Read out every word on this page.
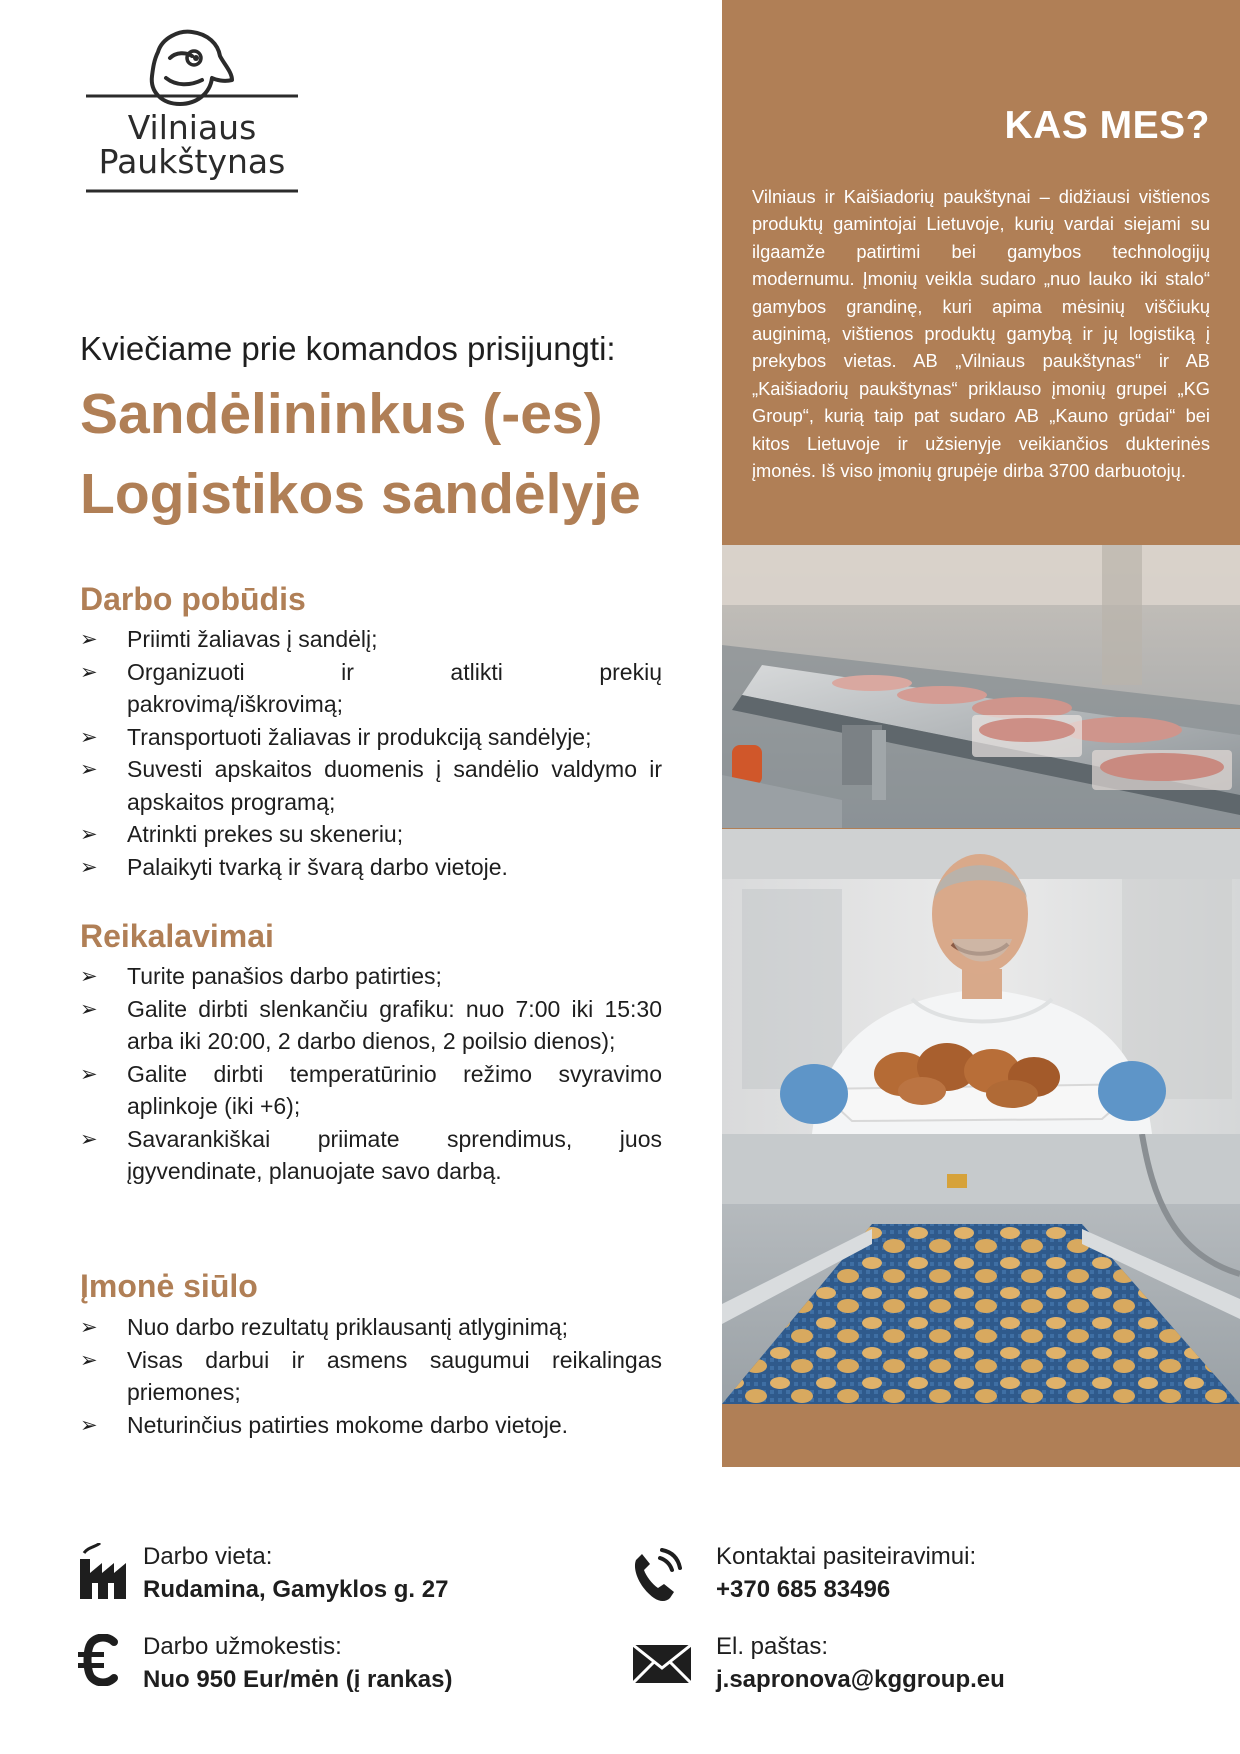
Vilniaus
Paukštynas
Kviečiame prie komandos prisijungti:
Sandėlininkus (-es)
Logistikos sandėlyje
Darbo pobūdis
➢ Priimti žaliavas į sandėlį;
➢ Organizuoti ir atlikti prekių
pakrovimą/iškrovimą;
➢ Transportuoti žaliavas ir produkciją sandėlyje;
➢ Suvesti apskaitos duomenis į sandėlio valdymo ir apskaitos programą;
➢ Atrinkti prekes su skeneriu;
➢ Palaikyti tvarką ir švarą darbo vietoje.
Reikalavimai
➢ Turite panašios darbo patirties;
➢ Galite dirbti slenkančiu grafiku: nuo 7:00 iki 15:30 arba iki 20:00, 2 darbo dienos, 2 poilsio dienos);
➢ Galite dirbti temperatūrinio režimo svyravimo aplinkoje (iki +6);
➢ Savarankiškai priimate sprendimus, juos
įgyvendinate, planuojate savo darbą.
Įmonė siūlo
➢ Nuo darbo rezultatų priklausantį atlyginimą;
➢ Visas darbui ir asmens saugumui reikalingas
priemones;
➢ Neturinčius patirties mokome darbo vietoje.
KAS MES?
Vilniaus ir Kaišiadorių paukštynai – didžiausi vištienos produktų gamintojai Lietuvoje, kurių vardai siejami su ilgaamže patirtimi bei gamybos technologijų modernumu. Įmonių veikla sudaro „nuo lauko iki stalo“ gamybos grandinę, kuri apima mėsinių viščiukų auginimą, vištienos produktų gamybą ir jų logistiką į prekybos vietas. AB „Vilniaus paukštynas“ ir AB „Kaišiadorių paukštynas“ priklauso įmonių grupei „KG Group“, kurią taip pat sudaro AB „Kauno grūdai“ bei kitos Lietuvoje ir užsienyje veikiančios dukterinės įmonės. Iš viso įmonių grupėje dirba 3700 darbuotojų.
Darbo vieta:
Rudamina, Gamyklos g. 27
Darbo užmokestis:
Nuo 950 Eur/mėn (į rankas)
Kontaktai pasiteiravimui:
+370 685 83496
El. paštas:
j.sapronova@kggroup.eu
